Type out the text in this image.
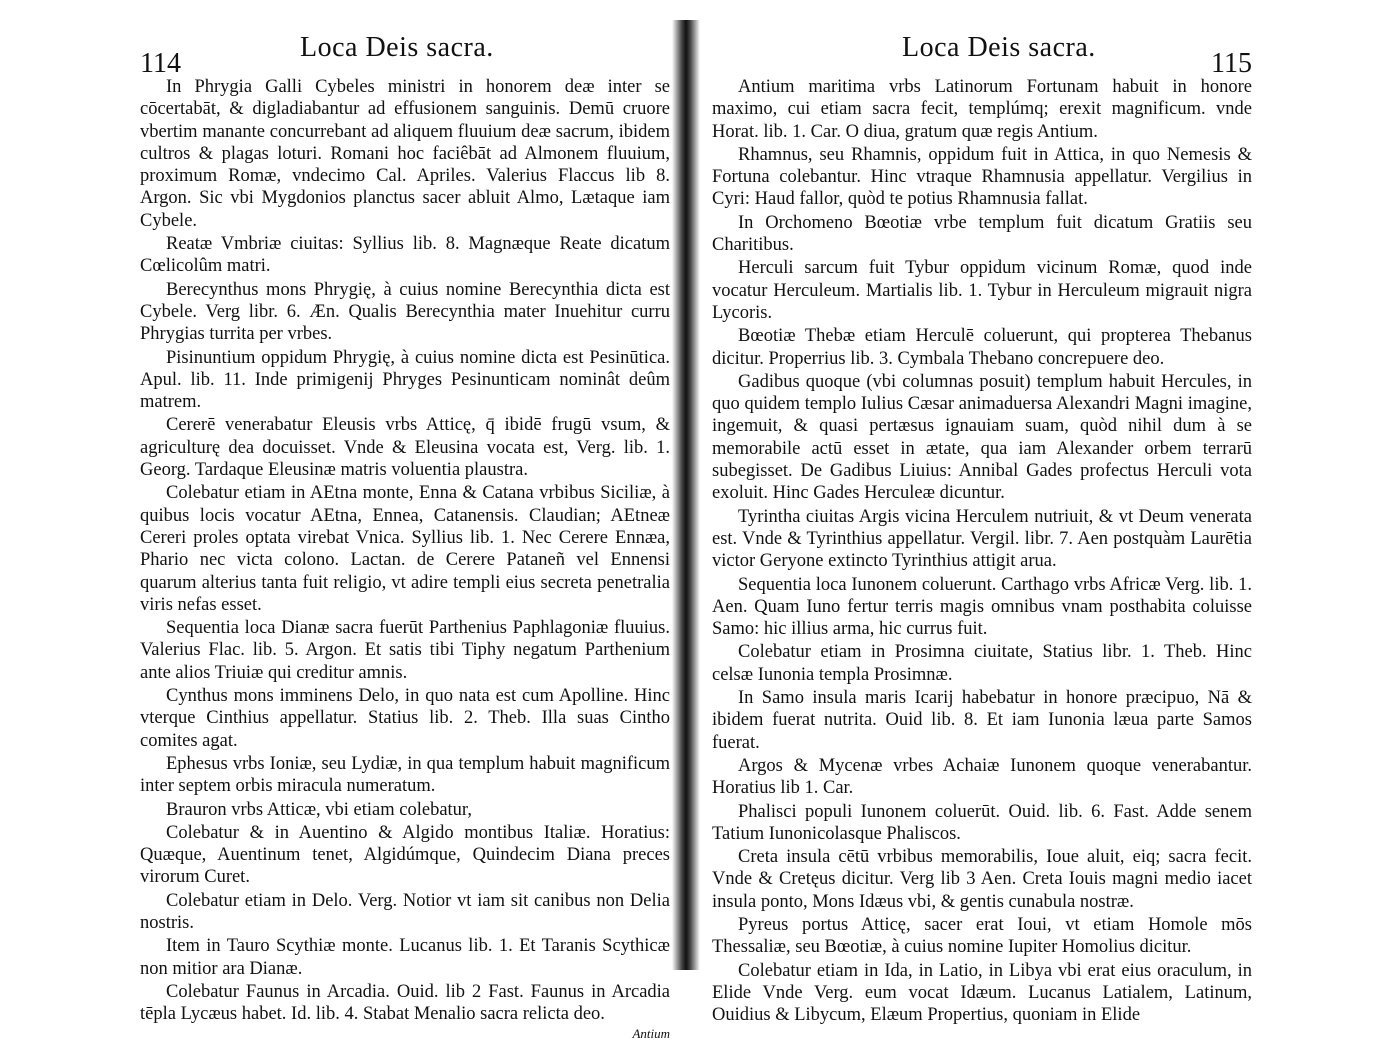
114
Loca Deis sacra.

In Phrygia Galli Cybeles ministri in honorem deæ inter se cōcertabāt, & digladiabantur ad effusionem sanguinis. Demū cruore vbertim manante concurrebant ad aliquem fluuium deæ sacrum, ibidem cultros & plagas loturi. Romani hoc faciêbāt ad Almonem fluuium, proximum Romæ, vndecimo Cal. Apriles. Valerius Flaccus lib 8. Argon. Sic vbi Mygdonios planctus sacer abluit Almo, Lætaque iam Cybele.

Reatæ Vmbriæ ciuitas: Syllius lib. 8. Magnæque Reate dicatum Cœlicolûm matri.

Berecynthus mons Phrygię, à cuius nomine Berecynthia dicta est Cybele. Verg libr. 6. Æn. Qualis Berecynthia mater Inuehitur curru Phrygias turrita per vrbes.

Pisinuntium oppidum Phrygię, à cuius nomine dicta est Pesinūtica. Apul. lib. 11. Inde primigenij Phryges Pesinunticam nominât deûm matrem.

Cererē venerabatur Eleusis vrbs Atticę, q̄ ibidē frugū vsum, & agriculturę dea docuisset. Vnde & Eleusina vocata est, Verg. lib. 1. Georg. Tardaque Eleusinæ matris voluentia plaustra.

Colebatur etiam in AEtna monte, Enna & Catana vrbibus Siciliæ, à quibus locis vocatur AEtna, Ennea, Catanensis. Claudian; AEtneæ Cereri proles optata virebat Vnica. Syllius lib. 1. Nec Cerere Ennæa, Phario nec victa colono. Lactan. de Cerere Pataneñ vel Ennensi quarum alterius tanta fuit religio, vt adire templi eius secreta penetralia viris nefas esset.

Sequentia loca Dianæ sacra fuerūt Parthenius Paphlagoniæ fluuius. Valerius Flac. lib. 5. Argon. Et satis tibi Tiphy negatum Parthenium ante alios Triuiæ qui creditur amnis.

Cynthus mons imminens Delo, in quo nata est cum Apolline. Hinc vterque Cinthius appellatur. Statius lib. 2. Theb. Illa suas Cintho comites agat.

Ephesus vrbs Ioniæ, seu Lydiæ, in qua templum habuit magnificum inter septem orbis miracula numeratum.

Brauron vrbs Atticæ, vbi etiam colebatur,

Colebatur & in Auentino & Algido montibus Italiæ. Horatius: Quæque, Auentinum tenet, Algidúmque, Quindecim Diana preces virorum Curet.

Colebatur etiam in Delo. Verg. Notior vt iam sit canibus non Delia nostris.

Item in Tauro Scythiæ monte. Lucanus lib. 1. Et Taranis Scythicæ non mitior ara Dianæ.

Colebatur Faunus in Arcadia. Ouid. lib 2 Fast. Faunus in Arcadia tēpla Lycæus habet. Id. lib. 4. Stabat Menalio sacra relicta deo.

Antium
Loca Deis sacra.
115

Antium maritima vrbs Latinorum Fortunam habuit in honore maximo, cui etiam sacra fecit, templúmq; erexit magnificum. vnde Horat. lib. 1. Car. O diua, gratum quæ regis Antium.

Rhamnus, seu Rhamnis, oppidum fuit in Attica, in quo Nemesis & Fortuna colebantur. Hinc vtraque Rhamnusia appellatur. Vergilius in Cyri: Haud fallor, quòd te potius Rhamnusia fallat.

In Orchomeno Bœotiæ vrbe templum fuit dicatum Gratiis seu Charitibus.

Herculi sarcum fuit Tybur oppidum vicinum Romæ, quod inde vocatur Herculeum. Martialis lib. 1. Tybur in Herculeum migrauit nigra Lycoris.

Bœotiæ Thebæ etiam Herculē coluerunt, qui propterea Thebanus dicitur. Properrius lib. 3. Cymbala Thebano concrepuere deo.

Gadibus quoque (vbi columnas posuit) templum habuit Hercules, in quo quidem templo Iulius Cæsar animaduersa Alexandri Magni imagine, ingemuit, & quasi pertæsus ignauiam suam, quòd nihil dum à se memorabile actū esset in ætate, qua iam Alexander orbem terrarū subegisset. De Gadibus Liuius: Annibal Gades profectus Herculi vota exoluit. Hinc Gades Herculeæ dicuntur.

Tyrintha ciuitas Argis vicina Herculem nutriuit, & vt Deum venerata est. Vnde & Tyrinthius appellatur. Vergil. libr. 7. Aen postquàm Laurētia victor Geryone extincto Tyrinthius attigit arua.

Sequentia loca Iunonem coluerunt. Carthago vrbs Africæ Verg. lib. 1. Aen. Quam Iuno fertur terris magis omnibus vnam posthabita coluisse Samo: hic illius arma, hic currus fuit.

Colebatur etiam in Prosimna ciuitate, Statius libr. 1. Theb. Hinc celsæ Iunonia templa Prosimnæ.

In Samo insula maris Icarij habebatur in honore præcipuo, Nā & ibidem fuerat nutrita. Ouid lib. 8. Et iam Iunonia læua parte Samos fuerat.

Argos & Mycenæ vrbes Achaiæ Iunonem quoque venerabantur. Horatius lib 1. Car.

Phalisci populi Iunonem coluerūt. Ouid. lib. 6. Fast. Adde senem Tatium Iunonicolasque Phaliscos.

Creta insula cētū vrbibus memorabilis, Ioue aluit, eiq; sacra fecit. Vnde & Cretęus dicitur. Verg lib 3 Aen. Creta Iouis magni medio iacet insula ponto, Mons Idæus vbi, & gentis cunabula nostræ.

Pyreus portus Atticę, sacer erat Ioui, vt etiam Homole mōs Thessaliæ, seu Bœotiæ, à cuius nomine Iupiter Homolius dicitur.

Colebatur etiam in Ida, in Latio, in Libya vbi erat eius oraculum, in Elide Vnde Verg. eum vocat Idæum. Lucanus Latialem, Latinum, Ouidius & Libycum, Elæum Propertius, quoniam in Elide
